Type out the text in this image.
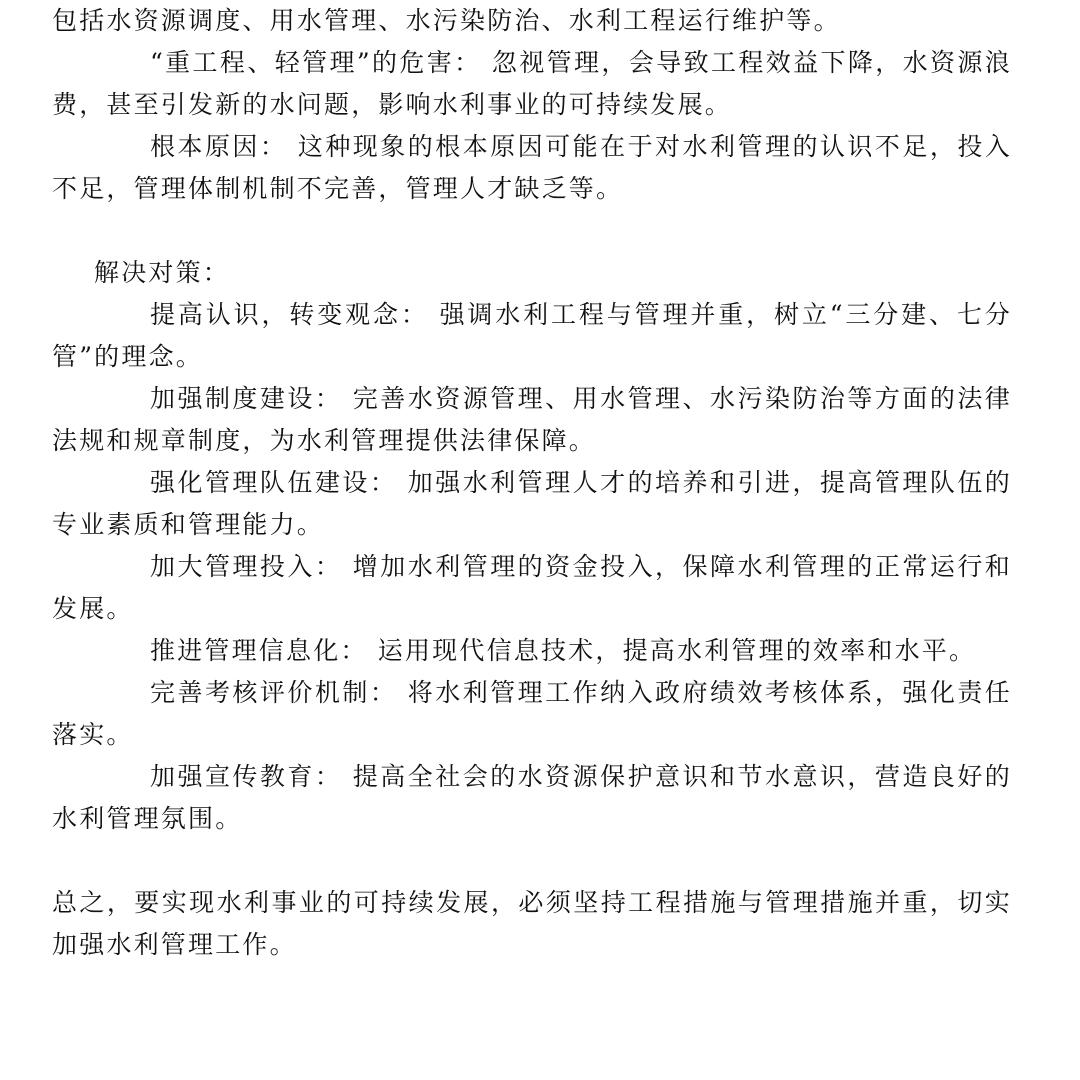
包括水资源调度、用水管理、水污染防治、水利工程运行维护等。

“重工程、轻管理”的危害： 忽视管理，会导致工程效益下降，水资源浪费，甚至引发新的水问题，影响水利事业的可持续发展。

根本原因： 这种现象的根本原因可能在于对水利管理的认识不足，投入不足，管理体制机制不完善，管理人才缺乏等。

解决对策：

提高认识，转变观念： 强调水利工程与管理并重，树立“三分建、七分管”的理念。

加强制度建设： 完善水资源管理、用水管理、水污染防治等方面的法律法规和规章制度，为水利管理提供法律保障。

强化管理队伍建设： 加强水利管理人才的培养和引进，提高管理队伍的专业素质和管理能力。

加大管理投入： 增加水利管理的资金投入，保障水利管理的正常运行和发展。

推进管理信息化： 运用现代信息技术，提高水利管理的效率和水平。

完善考核评价机制： 将水利管理工作纳入政府绩效考核体系，强化责任落实。

加强宣传教育： 提高全社会的水资源保护意识和节水意识，营造良好的水利管理氛围。

总之，要实现水利事业的可持续发展，必须坚持工程措施与管理措施并重，切实加强水利管理工作。
